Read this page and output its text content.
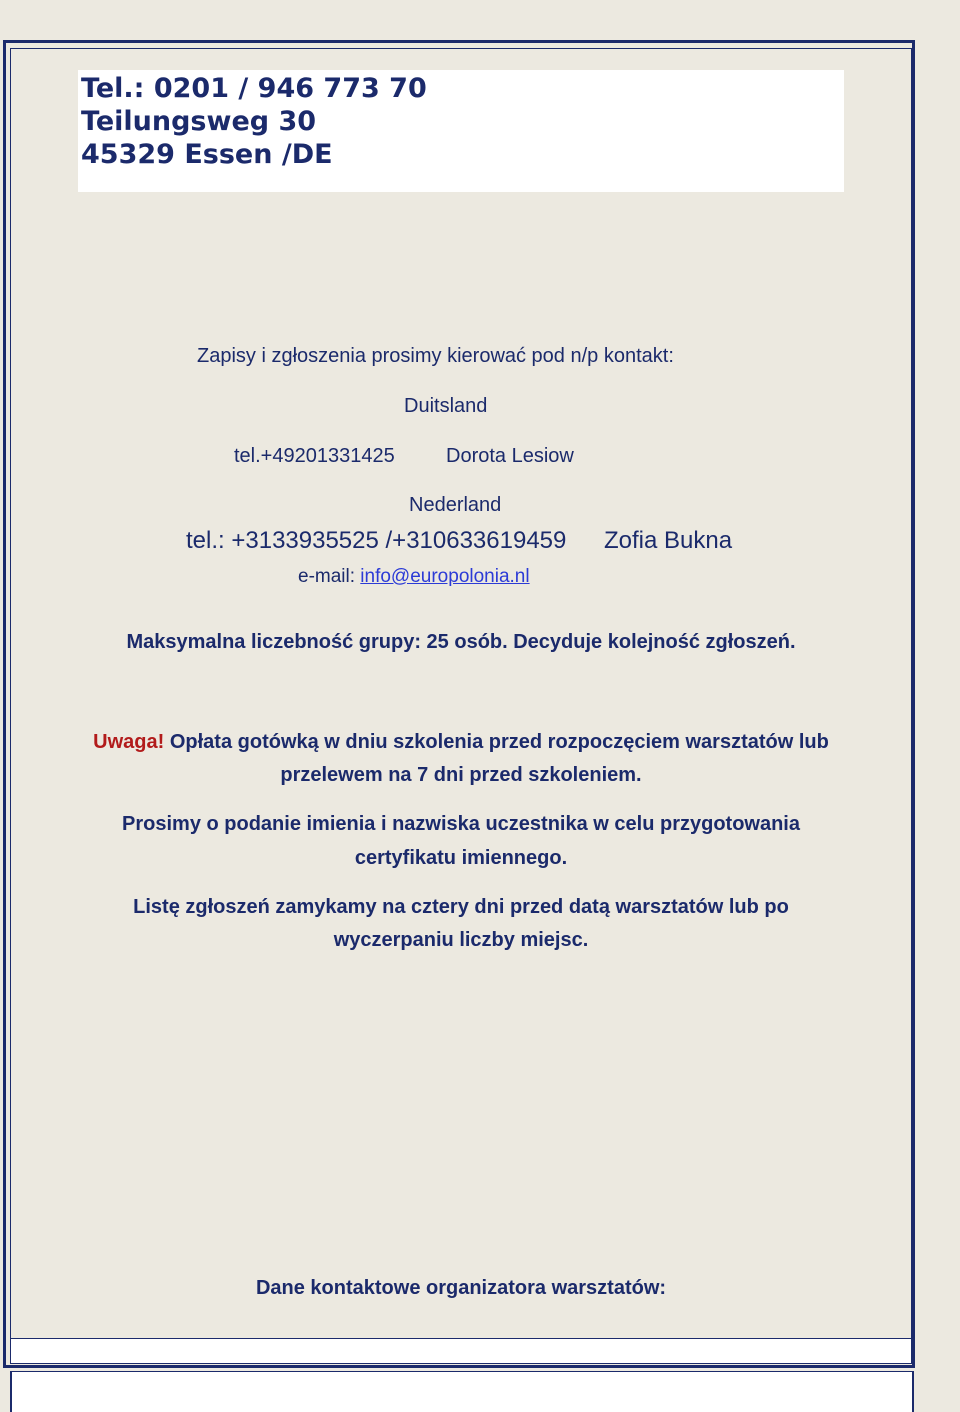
Tel.: 0201 / 946 773 70
Teilungsweg 30
45329 Essen /DE
Zapisy i zgłoszenia prosimy kierować pod n/p kontakt:
Duitsland
tel.+49201331425	Dorota Lesiow
Nederland
tel.: +3133935525 /+310633619459 Zofia Bukna
e-mail: info@europolonia.nl
Maksymalna liczebność grupy: 25 osób. Decyduje kolejność zgłoszeń.
Uwaga! Opłata gotówką w dniu szkolenia przed rozpoczęciem warsztatów lub
przelewem na 7 dni przed szkoleniem.
Prosimy o podanie imienia i nazwiska uczestnika w celu przygotowania
certyfikatu imiennego.
Listę zgłoszeń zamykamy na cztery dni przed datą warsztatów lub po
wyczerpaniu liczby miejsc.
Dane kontaktowe organizatora warsztatów:
